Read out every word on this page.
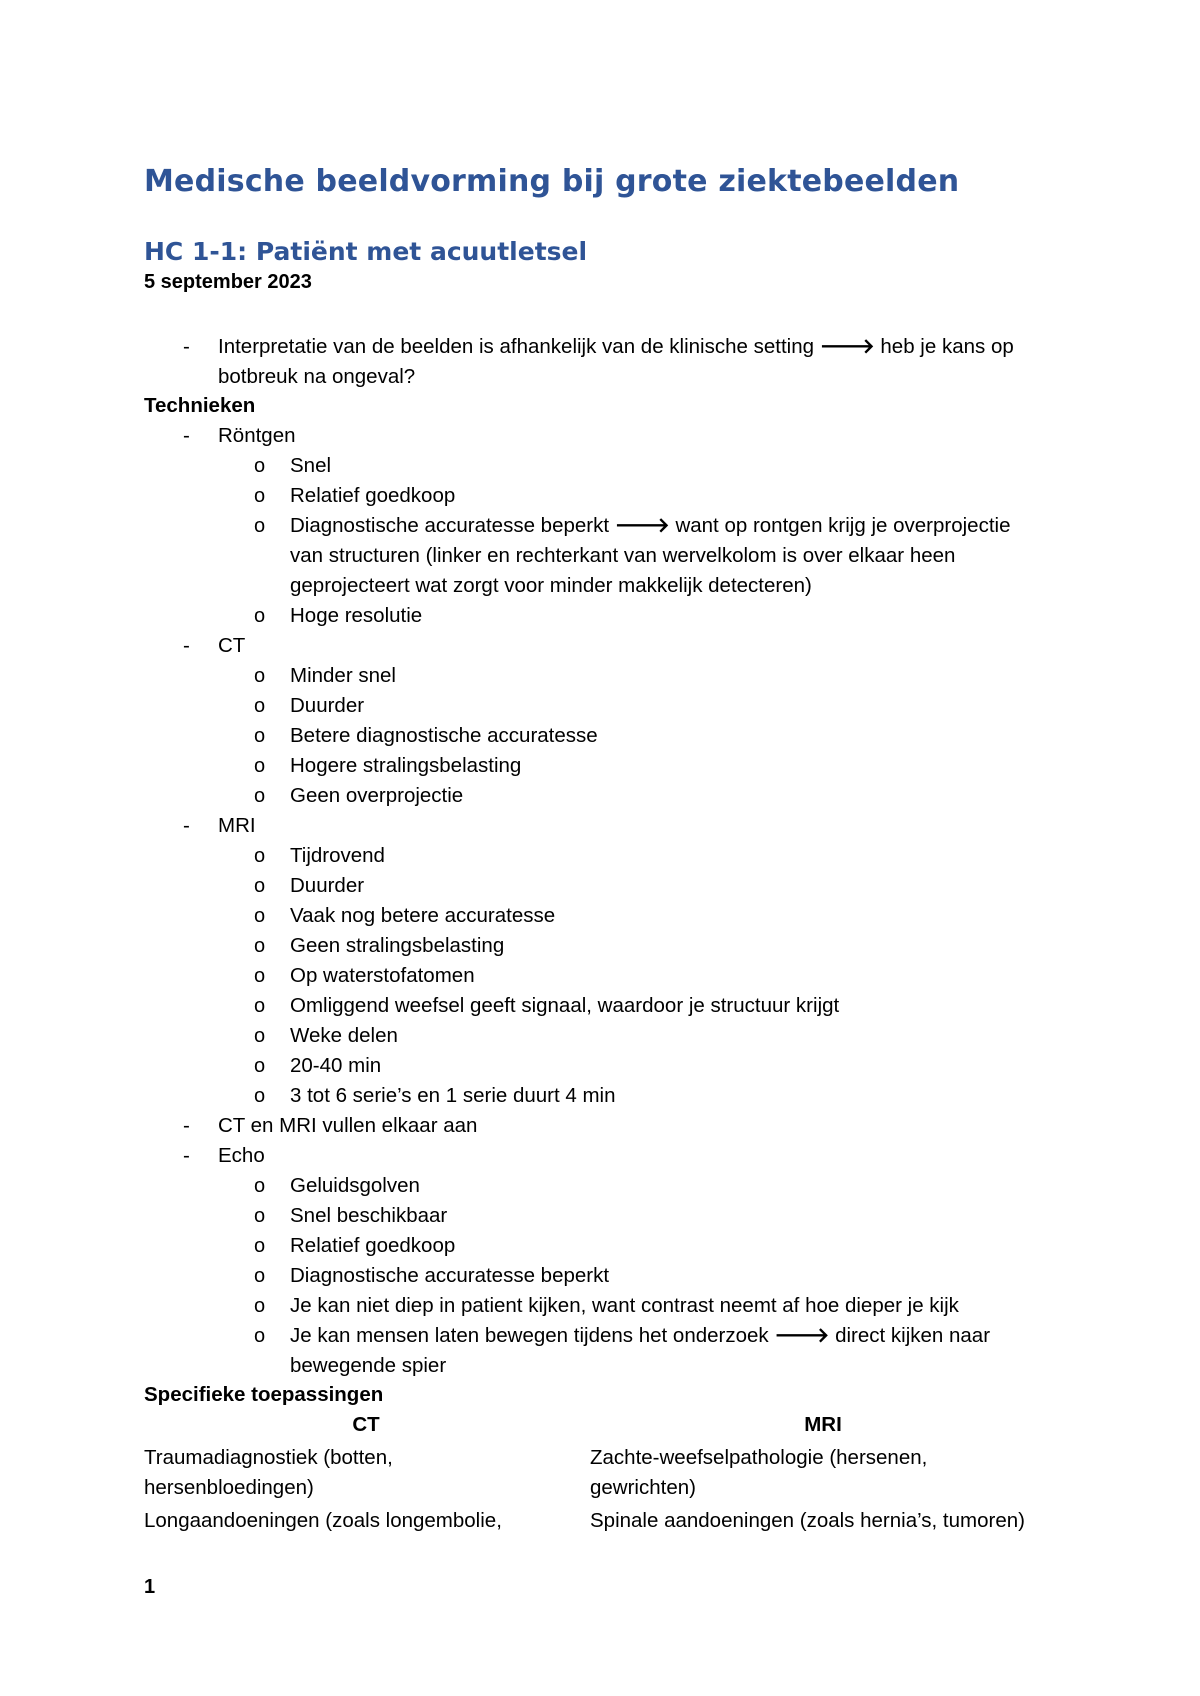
Medische beeldvorming bij grote ziektebeelden
HC 1-1: Patiënt met acuutletsel
5 september 2023
- Interpretatie van de beelden is afhankelijk van de klinische setting 🡒 heb je kans op
botbreuk na ongeval?
Technieken
- Röntgen
o Snel
o Relatief goedkoop
o Diagnostische accuratesse beperkt 🡒 want op rontgen krijg je overprojectie
van structuren (linker en rechterkant van wervelkolom is over elkaar heen
geprojecteert wat zorgt voor minder makkelijk detecteren)
o Hoge resolutie
- CT
o Minder snel
o Duurder
o Betere diagnostische accuratesse
o Hogere stralingsbelasting
o Geen overprojectie
- MRI
o Tijdrovend
o Duurder
o Vaak nog betere accuratesse
o Geen stralingsbelasting
o Op waterstofatomen
o Omliggend weefsel geeft signaal, waardoor je structuur krijgt
o Weke delen
o 20-40 min
o 3 tot 6 serie’s en 1 serie duurt 4 min
- CT en MRI vullen elkaar aan
- Echo
o Geluidsgolven
o Snel beschikbaar
o Relatief goedkoop
o Diagnostische accuratesse beperkt
o Je kan niet diep in patient kijken, want contrast neemt af hoe dieper je kijk
o Je kan mensen laten bewegen tijdens het onderzoek 🡒 direct kijken naar
bewegende spier
Specifieke toepassingen
CT	MRI
Traumadiagnostiek (botten,
hersenbloedingen)
Zachte-weefselpathologie (hersenen,
gewrichten)
Longaandoeningen (zoals longembolie,	Spinale aandoeningen (zoals hernia’s, tumoren)
1
